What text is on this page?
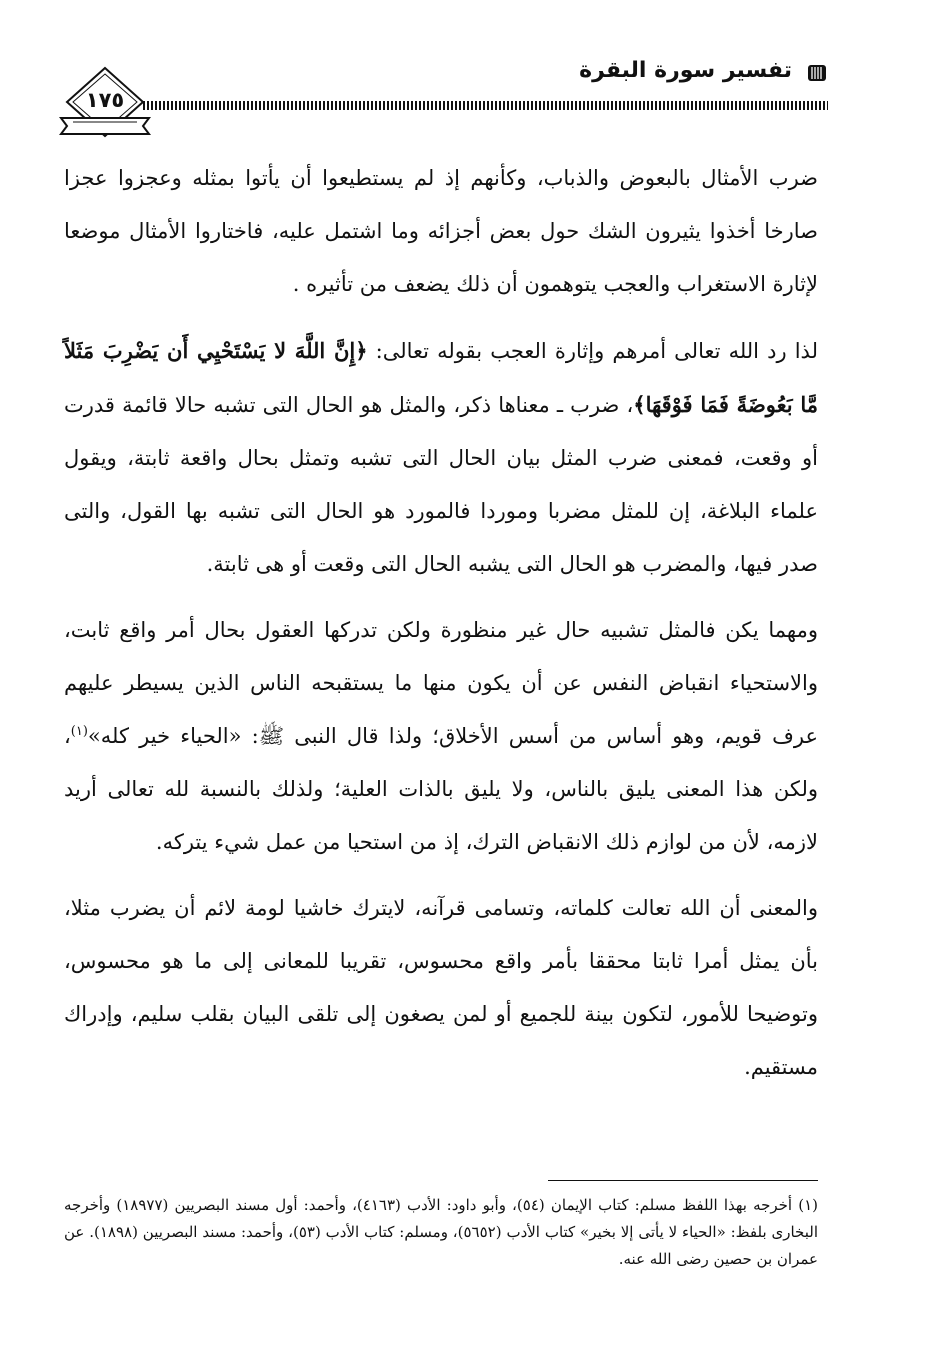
تفسير سورة البقرة
١٧٥

ضرب الأمثال بالبعوض والذباب، وكأنهم إذ لم يستطيعوا أن يأتوا بمثله وعجزوا عجزا صارخا أخذوا يثيرون الشك حول بعض أجزائه وما اشتمل عليه، فاختاروا الأمثال موضعا لإثارة الاستغراب والعجب يتوهمون أن ذلك يضعف من تأثيره .

لذا رد الله تعالى أمرهم وإثارة العجب بقوله تعالى: ﴿إِنَّ اللَّهَ لا يَسْتَحْيِي أَن يَضْرِبَ مَثَلاً مَّا بَعُوضَةً فَمَا فَوْقَهَا﴾، ضرب ـ معناها ذكر، والمثل هو الحال التى تشبه حالا قائمة قدرت أو وقعت، فمعنى ضرب المثل بيان الحال التى تشبه وتمثل بحال واقعة ثابتة، ويقول علماء البلاغة، إن للمثل مضربا وموردا فالمورد هو الحال التى تشبه بها القول، والتى صدر فيها، والمضرب هو الحال التى يشبه الحال التى وقعت أو هى ثابتة.

ومهما يكن فالمثل تشبيه حال غير منظورة ولكن تدركها العقول بحال أمر واقع ثابت، والاستحياء انقباض النفس عن أن يكون منها ما يستقبحه الناس الذين يسيطر عليهم عرف قويم، وهو أساس من أسس الأخلاق؛ ولذا قال النبى ﷺ: «الحياء خير كله»$^{(١)}$، ولكن هذا المعنى يليق بالناس، ولا يليق بالذات العلية؛ ولذلك بالنسبة لله تعالى أريد لازمه، لأن من لوازم ذلك الانقباض الترك، إذ من استحيا من عمل شيء يتركه.

والمعنى أن الله تعالت كلماته، وتسامى قرآنه، لايترك خاشيا لومة لائم أن يضرب مثلا، بأن يمثل أمرا ثابتا محققا بأمر واقع محسوس، تقريبا للمعانى إلى ما هو محسوس، وتوضيحا للأمور، لتكون بينة للجميع أو لمن يصغون إلى تلقى البيان بقلب سليم، وإدراك مستقيم.

(١) أخرجه بهذا اللفظ مسلم: كتاب الإيمان (٥٤)، وأبو داود: الأدب (٤١٦٣)، وأحمد: أول مسند البصريين (١٨٩٧٧) وأخرجه البخارى بلفظ: «الحياء لا يأتى إلا بخير» كتاب الأدب (٥٦٥٢)، ومسلم: كتاب الأدب (٥٣)، وأحمد: مسند البصريين (١٨٩٨). عن عمران بن حصين رضى الله عنه.
